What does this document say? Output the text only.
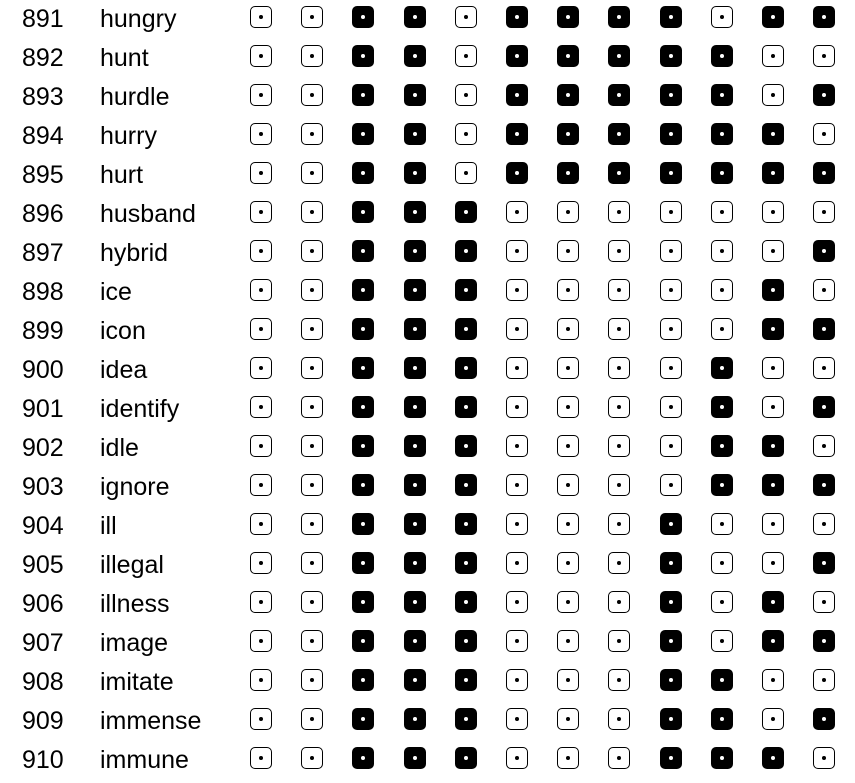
891 hungry
892 hunt
893 hurdle
894 hurry
895 hurt
896 husband
897 hybrid
898 ice
899 icon
900 idea
901 identify
902 idle
903 ignore
904 ill
905 illegal
906 illness
907 image
908 imitate
909 immense
910 immune
